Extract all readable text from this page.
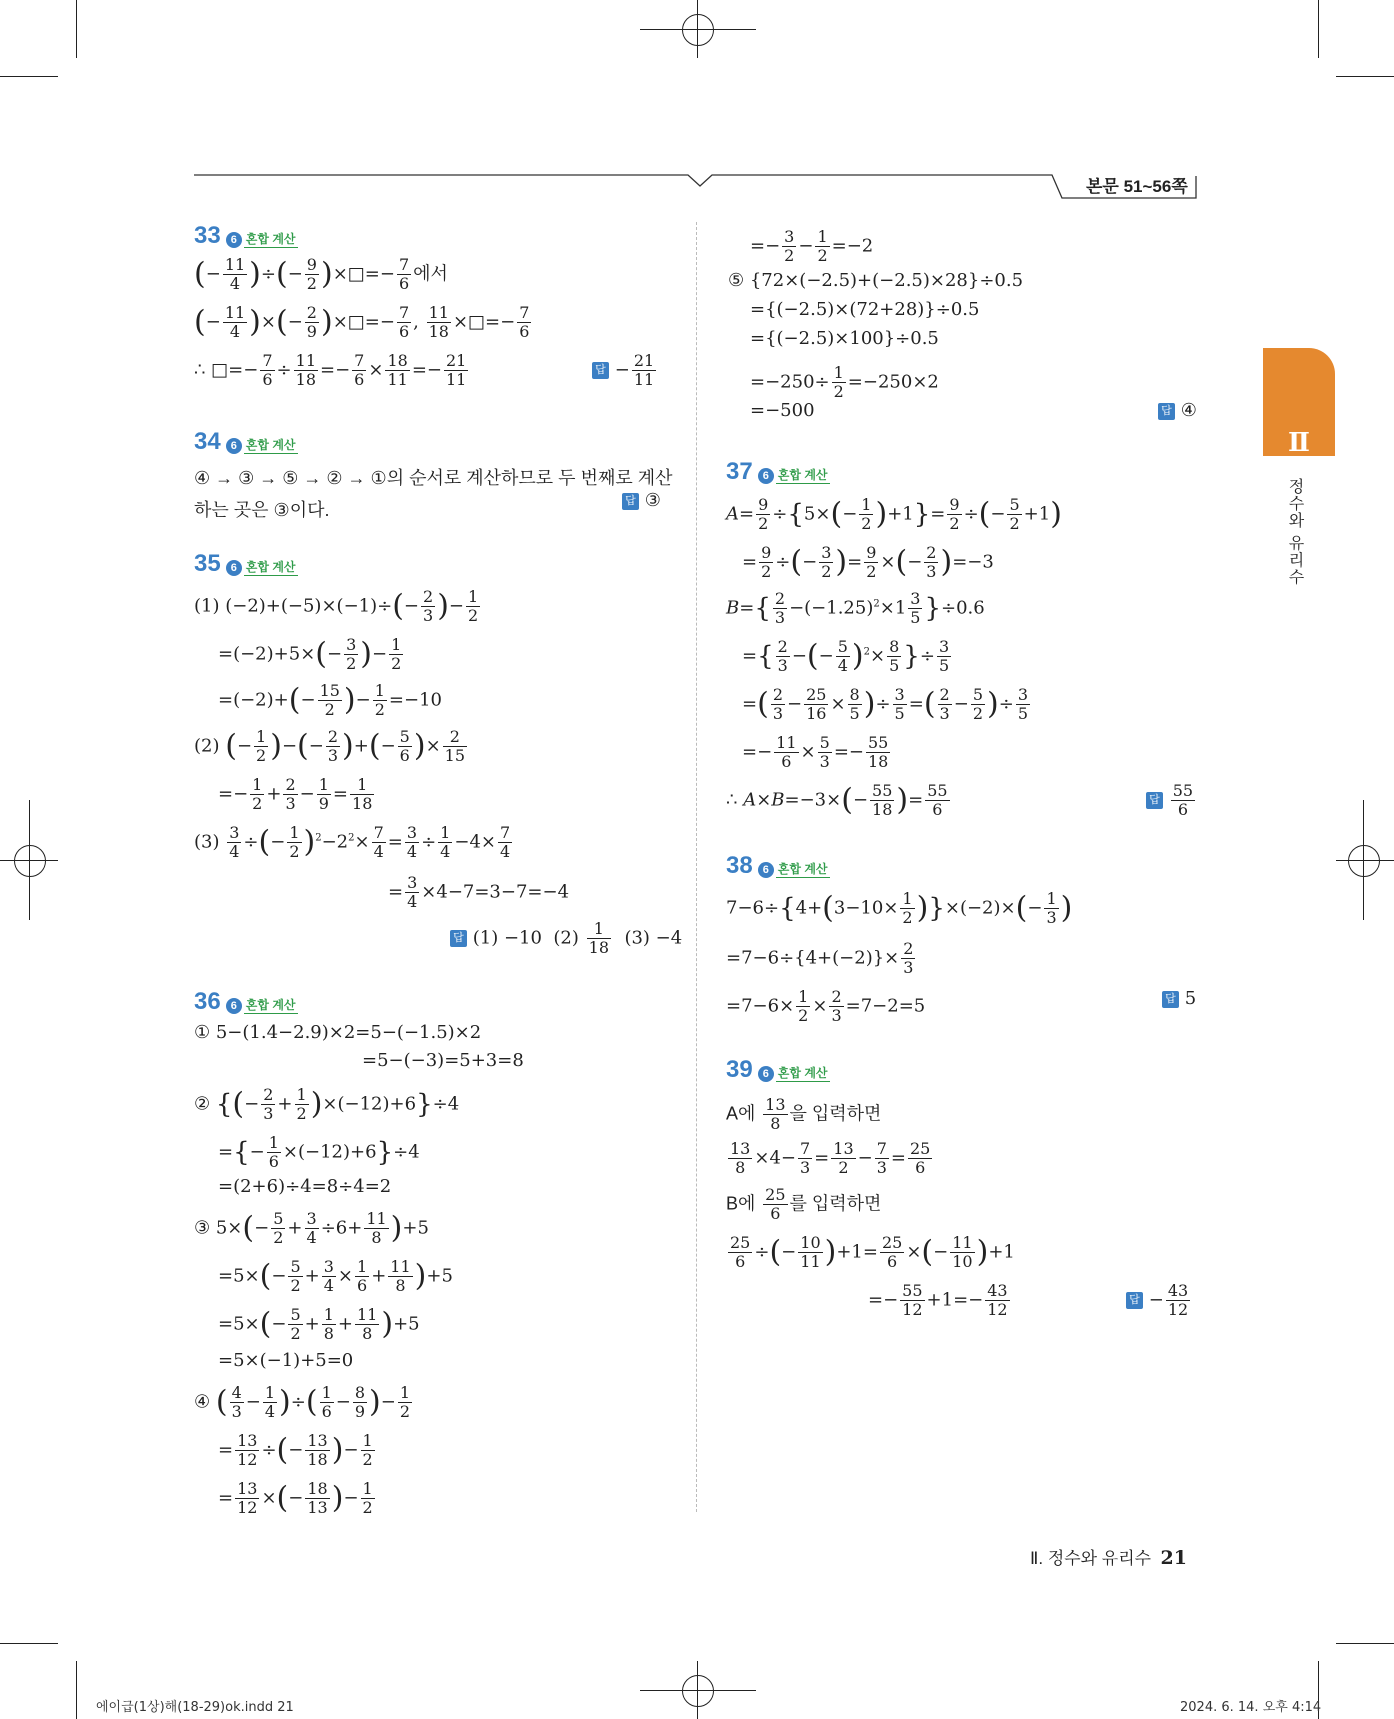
본문 51~56쪽
Ⅱ
정수와 유리수
33 6 혼합 계산
(− $\frac{11}{4}$ )÷(− $\frac{9}{2}$ )×□=− $\frac{7}{6}$ 에서
(− $\frac{11}{4}$ )×(− $\frac{2}{9}$ )×□=− $\frac{7}{6}$ , $\frac{11}{18}$ ×□=− $\frac{7}{6}$
∴ □=− $\frac{7}{6} \div \frac{11}{18} =- \frac{7}{6} \times \frac{18}{11} =- \frac{21}{11}$	답 − $\frac{21}{11}$
34 6 혼합 계산
④ → ③ → ⑤ → ② → ①의 순서로 계산하므로 두 번째로 계산
하는 곳은 ③이다.	답 ③
35 6 혼합 계산
(1) $(-2)+(-5)\times(-1)\div(- \frac{2}{3}$ )− $\frac{1}{2}$
$=(-2)+5\times(- \frac{3}{2}$ )− $\frac{1}{2}$
$=(-2)+(- \frac{15}{2}$ )− $\frac{1}{2} =-10$
(2) (− $\frac{1}{2}$ )−(− $\frac{2}{3}$ )+(− $\frac{5}{6}$ )× $\frac{2}{15}$
=− $\frac{1}{2} + \frac{2}{3} - \frac{1}{9} = \frac{1}{18}$
$(3) \frac{3}{4}$ ÷(− $\frac{1}{2} )^2-2^2\times \frac{7}{4} = \frac{3}{4} \div \frac{1}{4} -4\times \frac{7}{4}$
= $\frac{3}{4} \times 4-7=3-7=-4$
답 (1) −10 $(2) \frac{1}{18} (3) -4$
36 6 혼합 계산
① 5−(1.4−2.9)×2=5−(−1.5)×2
=5−(−3)=5+3=8
② {(− $\frac{2}{3} + \frac{1}{2} )\times(-12)+6\}\div 4$
={− $\frac{1}{6} \times(-12)+6\}\div 4$
=(2+6)÷4=8÷4=2
③ $5\times(- \frac{5}{2} + \frac{3}{4} \div 6+ \frac{11}{8} )+5$
$=5\times(- \frac{5}{2} + \frac{3}{4} \times \frac{1}{6} + \frac{11}{8} )+5$
$=5\times(- \frac{5}{2} + \frac{1}{8} + \frac{11}{8} )+5$
=5×(−1)+5=0
④ ( $\frac{4}{3} - \frac{1}{4}$ )÷( $\frac{1}{6} - \frac{8}{9}$ )− $\frac{1}{2}$
= $\frac{13}{12}$ ÷(− $\frac{13}{18}$ )− $\frac{1}{2}$
= $\frac{13}{12}$ ×(− $\frac{18}{13}$ )− $\frac{1}{2}$
=− $\frac{3}{2} - \frac{1}{2} =-2$
⑤ {72×(−2.5)+(−2.5)×28}÷0.5
={(−2.5)×(72+28)}÷0.5
={(−2.5)×100}÷0.5
$=-250\div \frac{1}{2} =-250\times 2$
=−500	답 ④
37 6 혼합 계산
$A= \frac{9}{2} \div\{5\times(- \frac{1}{2} )+1\}= \frac{9}{2}$ ÷(− $\frac{5}{2} +1$)
= $\frac{9}{2}$ ÷(− $\frac{3}{2}$ )= $\frac{9}{2}$ ×(− $\frac{2}{3} )=-3$
$B=\{ \frac{2}{3} -(-1.25)^2\times 1 \frac{3}{5} \}\div 0.6$
={ $\frac{2}{3}$ −(− $\frac{5}{4} )^2\times \frac{8}{5}$ }÷ $\frac{3}{5}$
=( $\frac{2}{3} - \frac{25}{16} \times \frac{8}{5}$ )÷ $\frac{3}{5}$ =( $\frac{2}{3} - \frac{5}{2}$ )÷ $\frac{3}{5}$
=− $\frac{11}{6} \times \frac{5}{3} =- \frac{55}{18}$
∴ $A\times B=-3\times(- \frac{55}{18}$ )= $\frac{55}{6}$	답 $\frac{55}{6}$
38 6 혼합 계산
$7-6\div\{4+(3-10\times \frac{1}{2} )\}\times(-2)\times(- \frac{1}{3}$ )
$=7-6\div\{4+(-2)\}\times \frac{2}{3}$
$=7-6\times \frac{1}{2} \times \frac{2}{3} =7-2=5$	답 5
39 6 혼합 계산
A에 $\frac{13}{8}$ 을 입력하면
$\frac{13}{8} \times 4- \frac{7}{3} = \frac{13}{2} - \frac{7}{3} = \frac{25}{6}$
B에 $\frac{25}{6}$ 를 입력하면
$\frac{25}{6}$ ÷(− $\frac{10}{11} )+1= \frac{25}{6}$ ×(− $\frac{11}{10} )+1$
=− $\frac{55}{12} +1=- \frac{43}{12}$	답 − $\frac{43}{12}$
Ⅱ. 정수와 유리수 21
에이급(1상)해(18-29)ok.indd 21	2024. 6. 14. 오후 4:14
